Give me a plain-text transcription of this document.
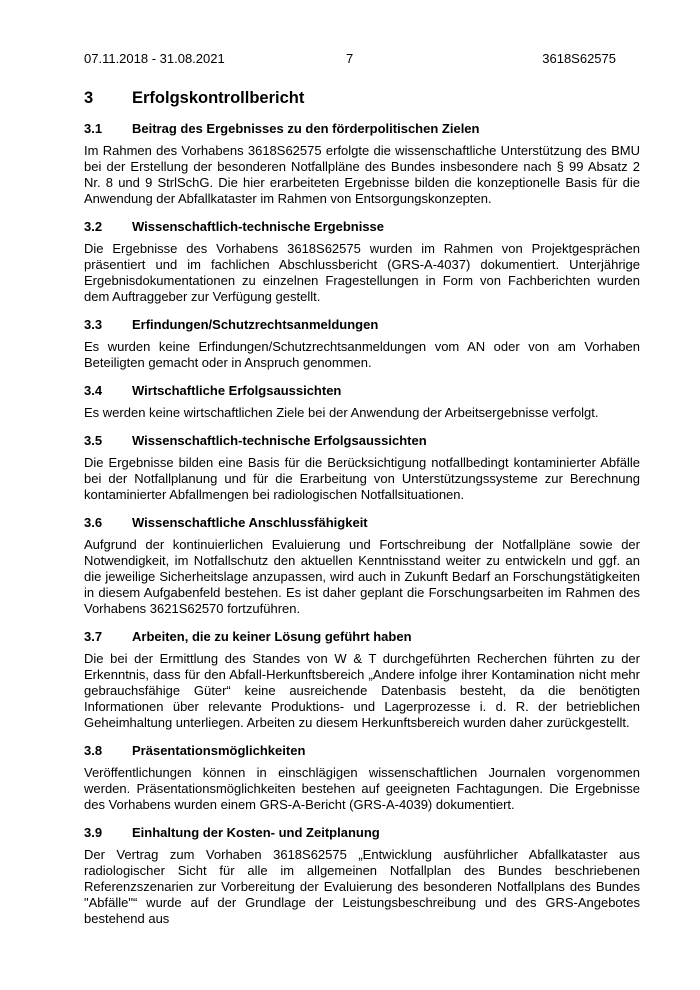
07.11.2018 - 31.08.2021	7	3618S62575
3 Erfolgskontrollbericht
3.1 Beitrag des Ergebnisses zu den förderpolitischen Zielen

Im Rahmen des Vorhabens 3618S62575 erfolgte die wissenschaftliche Unterstützung des BMU bei der Erstellung der besonderen Notfallpläne des Bundes insbesondere nach § 99 Absatz 2 Nr. 8 und 9 StrlSchG. Die hier erarbeiteten Ergebnisse bilden die konzeptionelle Basis für die Anwendung der Abfallkataster im Rahmen von Entsorgungskonzepten.

3.2 Wissenschaftlich-technische Ergebnisse

Die Ergebnisse des Vorhabens 3618S62575 wurden im Rahmen von Projektgesprächen präsentiert und im fachlichen Abschlussbericht (GRS-A-4037) dokumentiert. Unterjährige Ergebnisdokumentationen zu einzelnen Fragestellungen in Form von Fachberichten wurden dem Auftraggeber zur Verfügung gestellt.

3.3 Erfindungen/Schutzrechtsanmeldungen

Es wurden keine Erfindungen/Schutzrechtsanmeldungen vom AN oder von am Vorhaben Beteiligten gemacht oder in Anspruch genommen.

3.4 Wirtschaftliche Erfolgsaussichten

Es werden keine wirtschaftlichen Ziele bei der Anwendung der Arbeitsergebnisse verfolgt.

3.5 Wissenschaftlich-technische Erfolgsaussichten

Die Ergebnisse bilden eine Basis für die Berücksichtigung notfallbedingt kontaminierter Abfälle bei der Notfallplanung und für die Erarbeitung von Unterstützungssysteme zur Berechnung kontaminierter Abfallmengen bei radiologischen Notfallsituationen.

3.6 Wissenschaftliche Anschlussfähigkeit

Aufgrund der kontinuierlichen Evaluierung und Fortschreibung der Notfallpläne sowie der Notwendigkeit, im Notfallschutz den aktuellen Kenntnisstand weiter zu entwickeln und ggf. an die jeweilige Sicherheitslage anzupassen, wird auch in Zukunft Bedarf an Forschungstätigkeiten in diesem Aufgabenfeld bestehen. Es ist daher geplant die Forschungsarbeiten im Rahmen des Vorhabens 3621S62570 fortzuführen.

3.7 Arbeiten, die zu keiner Lösung geführt haben

Die bei der Ermittlung des Standes von W & T durchgeführten Recherchen führten zu der Erkenntnis, dass für den Abfall-Herkunftsbereich „Andere infolge ihrer Kontamination nicht mehr gebrauchsfähige Güter“ keine ausreichende Datenbasis besteht, da die benötigten Informationen über relevante Produktions- und Lagerprozesse i. d. R. der betrieblichen Geheimhaltung unterliegen. Arbeiten zu diesem Herkunftsbereich wurden daher zurückgestellt.

3.8 Präsentationsmöglichkeiten

Veröffentlichungen können in einschlägigen wissenschaftlichen Journalen vorgenommen werden. Präsentationsmöglichkeiten bestehen auf geeigneten Fachtagungen. Die Ergebnisse des Vorhabens wurden einem GRS-A-Bericht (GRS-A-4039) dokumentiert.

3.9 Einhaltung der Kosten- und Zeitplanung

Der Vertrag zum Vorhaben 3618S62575 „Entwicklung ausführlicher Abfallkataster aus radiologischer Sicht für alle im allgemeinen Notfallplan des Bundes beschriebenen Referenzszenarien zur Vorbereitung der Evaluierung des besonderen Notfallplans des Bundes "Abfälle"“ wurde auf der Grundlage der Leistungsbeschreibung und des GRS-Angebotes bestehend aus
